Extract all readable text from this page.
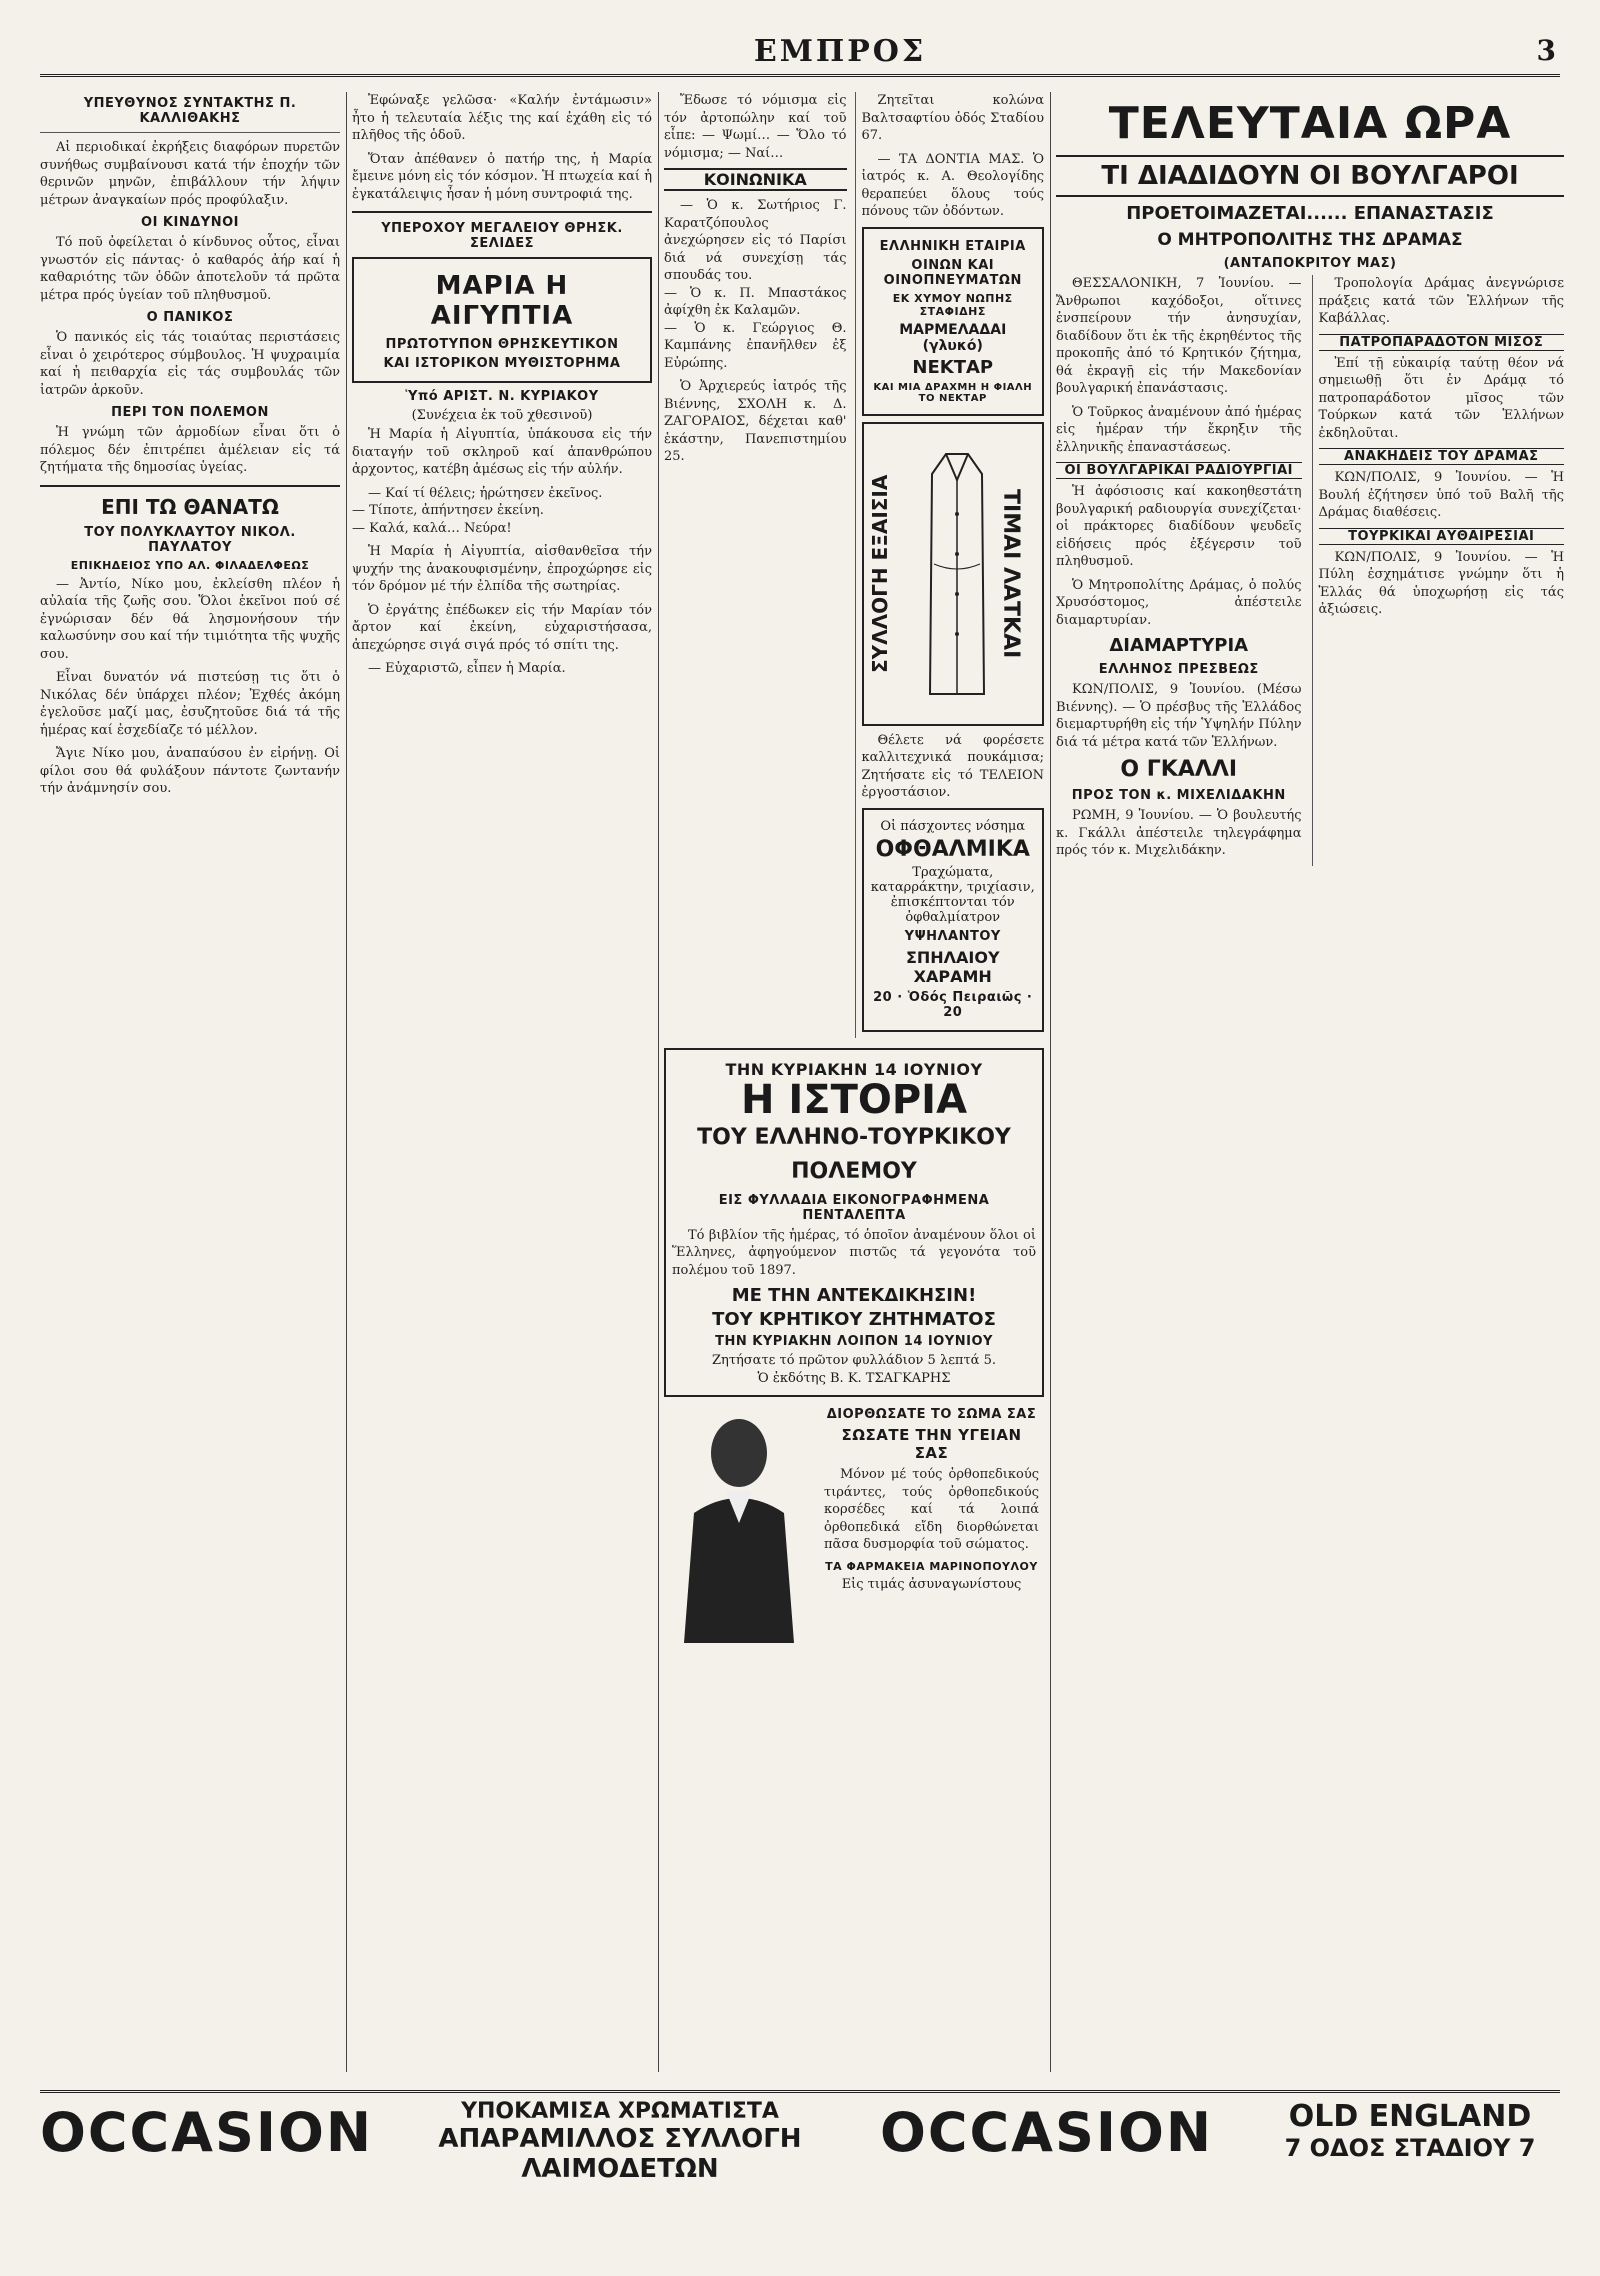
ΕΜΠΡΟΣ	3
ΥΠΕΥΘΥΝΟΣ ΣΥΝΤΑΚΤΗΣ Π. ΚΑΛΛΙΘΑΚΗΣ

Αἱ περιοδικαί ἐκρήξεις διαφόρων πυρετῶν συνήθως συμβαίνουσι κατά τήν ἐποχήν τῶν θερινῶν μηνῶν, ἐπιβάλλουν τήν λήψιν μέτρων ἀναγκαίων πρός προφύλαξιν.

ΟΙ ΚΙΝΔΥΝΟΙ

Τό ποῦ ὀφείλεται ὁ κίνδυνος οὗτος, εἶναι γνωστόν εἰς πάντας· ὁ καθαρός ἀήρ καί ἡ καθαριότης τῶν ὁδῶν ἀποτελοῦν τά πρῶτα μέτρα πρός ὑγείαν τοῦ πληθυσμοῦ.

Ο ΠΑΝΙΚΟΣ

Ὁ πανικός εἰς τάς τοιαύτας περιστάσεις εἶναι ὁ χειρότερος σύμβουλος. Ἡ ψυχραιμία καί ἡ πειθαρχία εἰς τάς συμβουλάς τῶν ἰατρῶν ἀρκοῦν.

ΠΕΡΙ ΤΟΝ ΠΟΛΕΜΟΝ

Ἡ γνώμη τῶν ἀρμοδίων εἶναι ὅτι ὁ πόλεμος δέν ἐπιτρέπει ἀμέλειαν εἰς τά ζητήματα τῆς δημοσίας ὑγείας.

ΕΠΙ ΤΩ ΘΑΝΑΤΩ
ΤΟΥ ΠΟΛΥΚΛΑΥΤΟΥ ΝΙΚΟΛ. ΠΑΥΛΑΤΟΥ
ΕΠΙΚΗΔΕΙΟΣ ΥΠΟ ΑΛ. ΦΙΛΑΔΕΛΦΕΩΣ

— Ἀντίο, Νίκο μου, ἐκλείσθη πλέον ἡ αὐλαία τῆς ζωῆς σου. Ὅλοι ἐκεῖνοι πού σέ ἐγνώρισαν δέν θά λησμονήσουν τήν καλωσύνην σου καί τήν τιμιότητα τῆς ψυχῆς σου.

Εἶναι δυνατόν νά πιστεύσῃ τις ὅτι ὁ Νικόλας δέν ὑπάρχει πλέον; Ἐχθές ἀκόμη ἐγελοῦσε μαζί μας, ἐσυζητοῦσε διά τά τῆς ἡμέρας καί ἐσχεδίαζε τό μέλλον.

Ἄγιε Νίκο μου, ἀναπαύσου ἐν εἰρήνῃ. Οἱ φίλοι σου θά φυλάξουν πάντοτε ζωντανήν τήν ἀνάμνησίν σου.

Ἐφώναξε γελῶσα· «Καλήν ἐντάμωσιν» ἦτο ἡ τελευταία λέξις της καί ἐχάθη εἰς τό πλῆθος τῆς ὁδοῦ.

Ὅταν ἀπέθανεν ὁ πατήρ της, ἡ Μαρία ἔμεινε μόνη εἰς τόν κόσμον. Ἡ πτωχεία καί ἡ ἐγκατάλειψις ἦσαν ἡ μόνη συντροφιά της.

ΥΠΕΡΟΧΟΥ ΜΕΓΑΛΕΙΟΥ ΘΡΗΣΚ. ΣΕΛΙΔΕΣ
ΜΑΡΙΑ Η ΑΙΓΥΠΤΙΑ
ΠΡΩΤΟΤΥΠΟΝ ΘΡΗΣΚΕΥΤΙΚΟΝ
ΚΑΙ ΙΣΤΟΡΙΚΟΝ ΜΥΘΙΣΤΟΡΗΜΑ
Ὑπό ΑΡΙΣΤ. Ν. ΚΥΡΙΑΚΟΥ
(Συνέχεια ἐκ τοῦ χθεσινοῦ)

Ἡ Μαρία ἡ Αἰγυπτία, ὑπάκουσα εἰς τήν διαταγήν τοῦ σκληροῦ καί ἀπανθρώπου ἀρχοντος, κατέβη ἀμέσως εἰς τήν αὐλήν.

— Καί τί θέλεις; ἠρώτησεν ἐκεῖνος.
— Τίποτε, ἀπήντησεν ἐκείνη.
— Καλά, καλά… Νεύρα!

Ἡ Μαρία ἡ Αἰγυπτία, αἰσθανθεῖσα τήν ψυχήν της ἀνακουφισμένην, ἐπροχώρησε εἰς τόν δρόμον μέ τήν ἐλπίδα τῆς σωτηρίας.

Ὁ ἐργάτης ἐπέδωκεν εἰς τήν Μαρίαν τόν ἄρτον καί ἐκείνη, εὐχαριστήσασα, ἀπεχώρησε σιγά σιγά πρός τό σπίτι της.

— Εὐχαριστῶ, εἶπεν ἡ Μαρία.

Ἔδωσε τό νόμισμα εἰς τόν ἀρτοπώλην καί τοῦ εἶπε: — Ψωμί… — Ὅλο τό νόμισμα; — Ναί…

ΚΟΙΝΩΝΙΚΑ

— Ὁ κ. Σωτήριος Γ. Καρατζόπουλος ἀνεχώρησεν εἰς τό Παρίσι διά νά συνεχίσῃ τάς σπουδάς του.
— Ὁ κ. Π. Μπαστάκος ἀφίχθη ἐκ Καλαμῶν.
— Ὁ κ. Γεώργιος Θ. Καμπάνης ἐπανῆλθεν ἐξ Εὐρώπης.

Ὁ Ἀρχιερεύς ἰατρός τῆς Βιέννης, ΣΧΟΛΗ κ. Δ. ΖΑΓΟΡΑΙΟΣ, δέχεται καθ' ἑκάστην, Πανεπιστημίου 25.

Ζητεῖται κολώνα Βαλτσαφτίου ὁδός Σταδίου 67.

— ΤΑ ΔΟΝΤΙΑ ΜΑΣ. Ὁ ἰατρός κ. Α. Θεολογίδης θεραπεύει ὅλους τούς πόνους τῶν ὀδόντων.

ΕΛΛΗΝΙΚΗ ΕΤΑΙΡΙΑ
ΟΙΝΩΝ ΚΑΙ ΟΙΝΟΠΝΕΥΜΑΤΩΝ
ΕΚ ΧΥΜΟΥ ΝΩΠΗΣ ΣΤΑΦΙΔΗΣ
ΜΑΡΜΕΛΑΔΑΙ (γλυκό)
ΝΕΚΤΑΡ
ΚΑΙ ΜΙΑ ΔΡΑΧΜΗ Η ΦΙΑΛΗ ΤΟ ΝΕΚΤΑΡ
ΣΥΛΛΟΓΗ ΕΞΑΙΣΙΑ	ΤΙΜΑΙ ΛΑΤΚΑΙ

Θέλετε νά φορέσετε καλλιτεχνικά πουκάμισα; Ζητήσατε εἰς τό ΤΕΛΕΙΟΝ ἐργοστάσιον.

Οἱ πάσχοντες νόσημα
ΟΦΘΑΛΜΙΚΑ
Τραχώματα, καταρράκτην, τριχίασιν, ἐπισκέπτονται τόν ὀφθαλμίατρον
ΥΨΗΛΑΝΤΟΥ
ΣΠΗΛΑΙΟΥ ΧΑΡΑΜΗ
20 · Ὁδός Πειραιῶς · 20
ΤΗΝ ΚΥΡΙΑΚΗΝ 14 ΙΟΥΝΙΟΥ
Η ΙΣΤΟΡΙΑ
ΤΟΥ ΕΛΛΗΝΟ-ΤΟΥΡΚΙΚΟΥ ΠΟΛΕΜΟΥ
ΕΙΣ ΦΥΛΛΑΔΙΑ ΕΙΚΟΝΟΓΡΑΦΗΜΕΝΑ ΠΕΝΤΑΛΕΠΤΑ

Τό βιβλίον τῆς ἡμέρας, τό ὁποῖον ἀναμένουν ὅλοι οἱ Ἕλληνες, ἀφηγούμενον πιστῶς τά γεγονότα τοῦ πολέμου τοῦ 1897.

ΜΕ ΤΗΝ ΑΝΤΕΚΔΙΚΗΣΙΝ!
ΤΟΥ ΚΡΗΤΙΚΟΥ ΖΗΤΗΜΑΤΟΣ
ΤΗΝ ΚΥΡΙΑΚΗΝ ΛΟΙΠΟΝ 14 ΙΟΥΝΙΟΥ
Ζητήσατε τό πρῶτον φυλλάδιον 5 λεπτά 5.
Ὁ ἐκδότης Β. Κ. ΤΣΑΓΚΑΡΗΣ
ΔΙΟΡΘΩΣΑΤΕ ΤΟ ΣΩΜΑ ΣΑΣ
ΣΩΣΑΤΕ ΤΗΝ ΥΓΕΙΑΝ ΣΑΣ

Μόνον μέ τούς ὀρθοπεδικούς τιράντες, τούς ὀρθοπεδικούς κορσέδες καί τά λοιπά ὀρθοπεδικά εἴδη διορθώνεται πᾶσα δυσμορφία τοῦ σώματος.

ΤΑ ΦΑΡΜΑΚΕΙΑ ΜΑΡΙΝΟΠΟΥΛΟΥ
Εἰς τιμάς ἀσυναγωνίστους
ΤΕΛΕΥΤΑΙΑ ΩΡΑ
ΤΙ ΔΙΑΔΙΔΟΥΝ ΟΙ ΒΟΥΛΓΑΡΟΙ
ΠΡΟΕΤΟΙΜΑΖΕΤΑΙ...... ΕΠΑΝΑΣΤΑΣΙΣ
Ο ΜΗΤΡΟΠΟΛΙΤΗΣ ΤΗΣ ΔΡΑΜΑΣ
(ΑΝΤΑΠΟΚΡΙΤΟΥ ΜΑΣ)

ΘΕΣΣΑΛΟΝΙΚΗ, 7 Ἰουνίου. — Ἄνθρωποι καχόδοξοι, οἵτινες ἐνσπείρουν τήν ἀνησυχίαν, διαδίδουν ὅτι ἐκ τῆς ἐκρηθέντος τῆς προκοπῆς ἀπό τό Κρητικόν ζήτημα, θά ἐκραγῇ εἰς τήν Μακεδονίαν βουλγαρική ἐπανάστασις.

Ὁ Τοῦρκος ἀναμένουν ἀπό ἡμέρας εἰς ἡμέραν τήν ἔκρηξιν τῆς ἐλληνικῆς ἐπαναστάσεως.

ΟΙ ΒΟΥΛΓΑΡΙΚΑΙ ΡΑΔΙΟΥΡΓΙΑΙ

Ἡ ἀφόσιοσις καί κακοηθεστάτη βουλγαρική ραδιουργία συνεχίζεται· οἱ πράκτορες διαδίδουν ψευδεῖς εἰδήσεις πρός ἐξέγερσιν τοῦ πληθυσμοῦ.

Ὁ Μητροπολίτης Δράμας, ὁ πολύς Χρυσόστομος, ἀπέστειλε διαμαρτυρίαν.

ΔΙΑΜΑΡΤΥΡΙΑ
ΕΛΛΗΝΟΣ ΠΡΕΣΒΕΩΣ

ΚΩΝ/ΠΟΛΙΣ, 9 Ἰουνίου. (Μέσω Βιέννης). — Ὁ πρέσβυς τῆς Ἑλλάδος διεμαρτυρήθη εἰς τήν Ὑψηλήν Πύλην διά τά μέτρα κατά τῶν Ἑλλήνων.

Ο ΓΚΑΛΛΙ
ΠΡΟΣ ΤΟΝ κ. ΜΙΧΕΛΙΔΑΚΗΝ

ΡΩΜΗ, 9 Ἰουνίου. — Ὁ βουλευτής κ. Γκάλλι ἀπέστειλε τηλεγράφημα πρός τόν κ. Μιχελιδάκην.

Τροπολογία Δράμας ἀνεγνώρισε πράξεις κατά τῶν Ἑλλήνων τῆς Καβάλλας.

ΠΑΤΡΟΠΑΡΑΔΟΤΟΝ ΜΙΣΟΣ

Ἐπί τῇ εὐκαιρίᾳ ταύτῃ θέον νά σημειωθῇ ὅτι ἐν Δράμᾳ τό πατροπαράδοτον μῖσος τῶν Τούρκων κατά τῶν Ἑλλήνων ἐκδηλοῦται.

ΑΝΑΚΗΔΕΙΣ ΤΟΥ ΔΡΑΜΑΣ

ΚΩΝ/ΠΟΛΙΣ, 9 Ἰουνίου. — Ἡ Βουλή ἐζήτησεν ὑπό τοῦ Βαλῆ τῆς Δράμας διαθέσεις.

ΤΟΥΡΚΙΚΑΙ ΑΥΘΑΙΡΕΣΙΑΙ

ΚΩΝ/ΠΟΛΙΣ, 9 Ἰουνίου. — Ἡ Πύλη ἐσχημάτισε γνώμην ὅτι ἡ Ἑλλάς θά ὑποχωρήσῃ εἰς τάς ἀξιώσεις.

OCCASION	ΥΠΟΚΑΜΙΣΑ ΧΡΩΜΑΤΙΣΤΑ
ΑΠΑΡΑΜΙΛΛΟΣ ΣΥΛΛΟΓΗ ΛΑΙΜΟΔΕΤΩΝ
OCCASION	OLD ENGLAND
7 ΟΔΟΣ ΣΤΑΔΙΟΥ 7
